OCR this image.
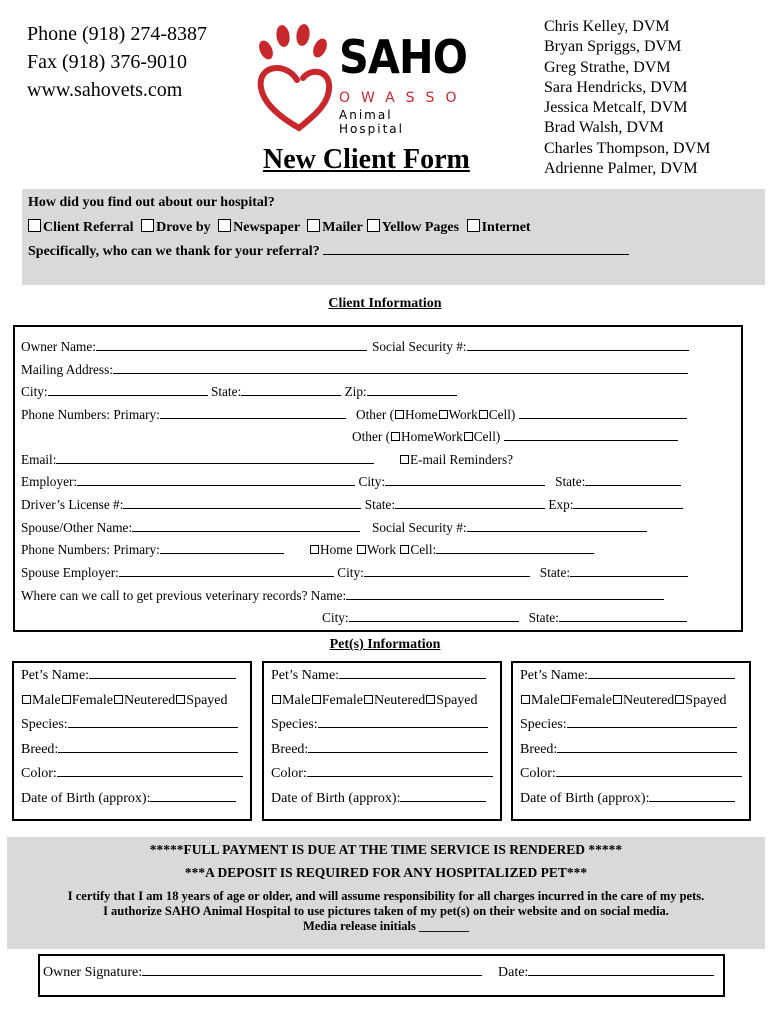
Phone (918) 274-8387
Fax (918) 376-9010
www.sahovets.com
SAHO
OWASSO
Animal Hospital
New Client Form
Chris Kelley, DVM
Bryan Spriggs, DVM
Greg Strathe, DVM
Sara Hendricks, DVM
Jessica Metcalf, DVM
Brad Walsh, DVM
Charles Thompson, DVM
Adrienne Palmer, DVM
How did you find out about our hospital?
Client Referral Drove by Newspaper Mailer Yellow Pages Internet
Specifically, who can we thank for your referral?
Client Information
Owner Name:	Social Security #:
Mailing Address:
City:	State:	Zip:
Phone Numbers: Primary:	Other ( Home Work Cell)
Other ( HomeWork Cell)
Email:	E-mail Reminders?
Employer:	City:	State:
Driver’s License #:	State:	Exp:
Spouse/Other Name:	Social Security #:
Phone Numbers: Primary:	Home Work Cell:
Spouse Employer:	City:	State:
Where can we call to get previous veterinary records? Name:
City:	State:
Pet(s) Information
Pet’s Name:
Male Female Neutered Spayed
Species:
Breed:
Color:
Date of Birth (approx):
Pet’s Name:
Male Female Neutered Spayed
Species:
Breed:
Color:
Date of Birth (approx):
Pet’s Name:
Male Female Neutered Spayed
Species:
Breed:
Color:
Date of Birth (approx):
*****FULL PAYMENT IS DUE AT THE TIME SERVICE IS RENDERED *****
***A DEPOSIT IS REQUIRED FOR ANY HOSPITALIZED PET***
I certify that I am 18 years of age or older, and will assume responsibility for all charges incurred in the care of my pets.
I authorize SAHO Animal Hospital to use pictures taken of my pet(s) on their website and on social media.
Media release initials ________
Owner Signature:	Date:
